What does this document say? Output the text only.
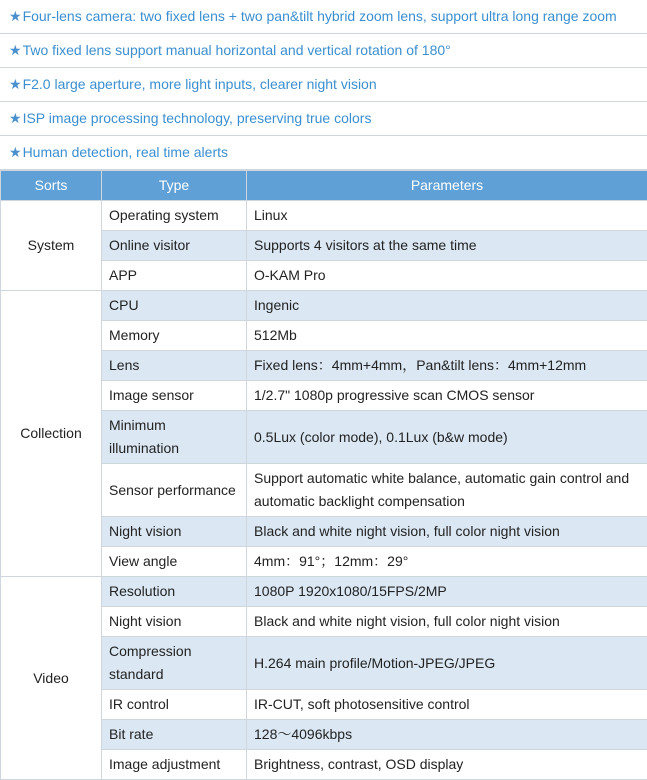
★Four-lens camera: two fixed lens + two pan&tilt hybrid zoom lens, support ultra long range zoom
★Two fixed lens support manual horizontal and vertical rotation of 180°
★F2.0 large aperture, more light inputs, clearer night vision
★ISP image processing technology, preserving true colors
★Human detection, real time alerts
Sorts	Type	Parameters
System	Operating system	Linux
	Online visitor	Supports 4 visitors at the same time
	APP	O-KAM Pro
Collection	CPU	Ingenic
	Memory	512Mb
	Lens	Fixed lens：4mm+4mm，Pan&tilt lens：4mm+12mm
	Image sensor	1/2.7" 1080p progressive scan CMOS sensor
	Minimum illumination	0.5Lux (color mode), 0.1Lux (b&w mode)
	Sensor performance	Support automatic white balance, automatic gain control and automatic backlight compensation
	Night vision	Black and white night vision, full color night vision
	View angle	4mm：91°；12mm：29°
Video	Resolution	1080P 1920x1080/15FPS/2MP
	Night vision	Black and white night vision, full color night vision
	Compression standard	H.264 main profile/Motion-JPEG/JPEG
	IR control	IR-CUT, soft photosensitive control
	Bit rate	128～4096kbps
	Image adjustment	Brightness, contrast, OSD display
